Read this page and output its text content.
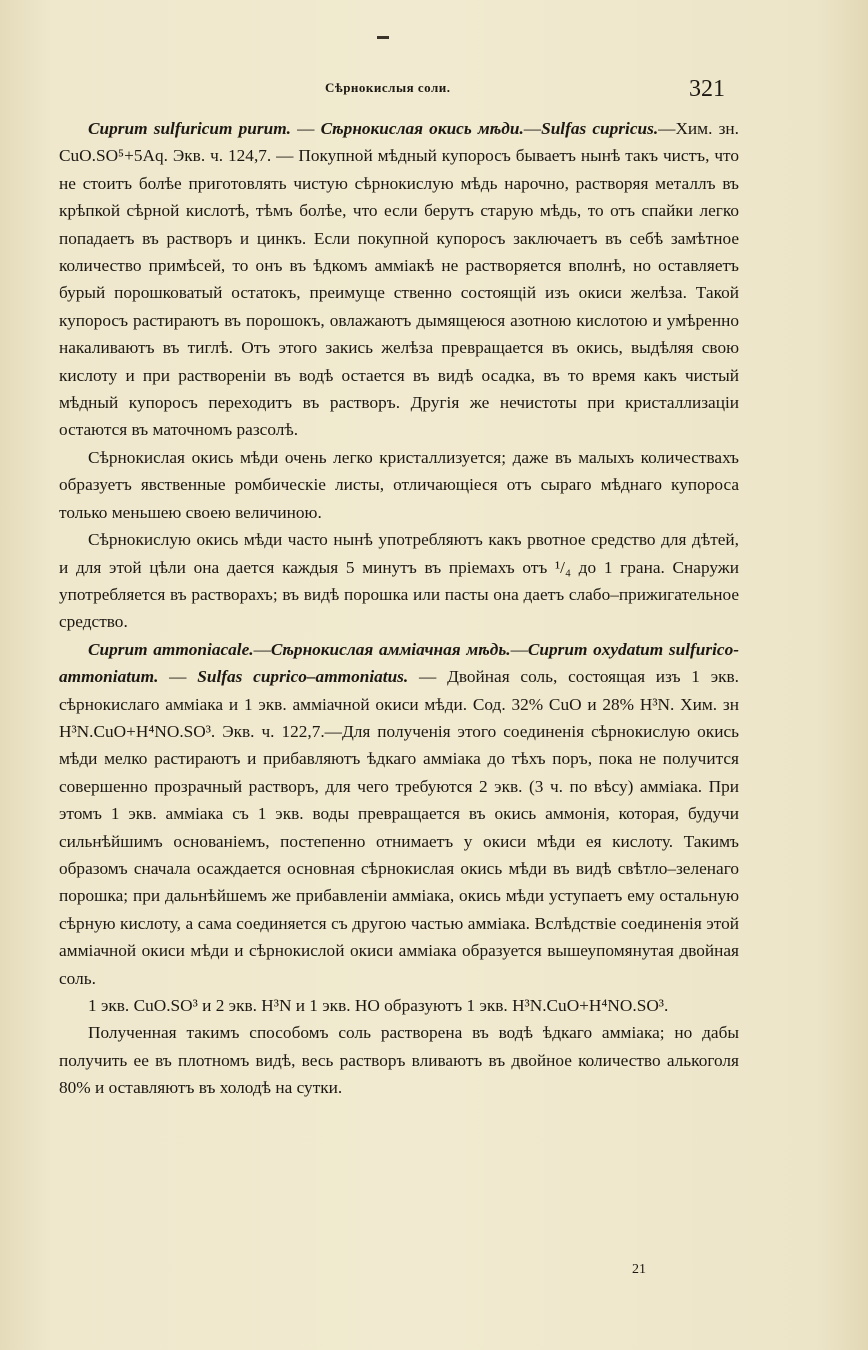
Сѣрнокислыя соли.	321

Cuprum sulfuricum purum. — Сѣрнокислая окись мѣди.—Sulfas cupricus.—Хим. зн. CuO.SO⁵+5Aq. Экв. ч. 124,7. — Покупной мѣдный купоросъ бываетъ нынѣ такъ чистъ, что не стоитъ болѣе приготовлять чистую сѣрнокислую мѣдь нарочно, растворяя металлъ въ крѣпкой сѣрной кислотѣ, тѣмъ болѣе, что если берутъ старую мѣдь, то отъ спайки легко попадаетъ въ растворъ и цинкъ. Если покупной купоросъ заключаетъ въ себѣ замѣтное количество примѣсей, то онъ въ ѣдкомъ амміакѣ не растворяется вполнѣ, но оставляетъ бурый порошковатый остатокъ, преимуще ственно состоящій изъ окиси желѣза. Такой купоросъ растираютъ въ порошокъ, овлажаютъ дымящеюся азотною кислотою и умѣренно накаливаютъ въ тиглѣ. Отъ этого закись желѣза превращается въ окись, выдѣляя свою кислоту и при раствореніи въ водѣ остается въ видѣ осадка, въ то время какъ чистый мѣдный купоросъ переходитъ въ растворъ. Другія же нечистоты при кристаллизаціи остаются въ маточномъ разсолѣ.

Сѣрнокислая окись мѣди очень легко кристаллизуется; даже въ малыхъ количествахъ образуетъ явственные ромбическіе листы, отличающіеся отъ сыраго мѣднаго купороса только меньшею своею величиною.

Сѣрнокислую окись мѣди часто нынѣ употребляютъ какъ рвотное средство для дѣтей, и для этой цѣли она дается каждыя 5 минутъ въ пріемахъ отъ ¹/₄ до 1 грана. Снаружи употребляется въ растворахъ; въ видѣ порошка или пасты она даетъ слабо–прижигательное средство.

Cuprum ammoniacale.—Сѣрнокислая амміачная мѣдь.—Cuprum oxydatum sulfurico-ammoniatum. — Sulfas cuprico–ammoniatus. — Двойная соль, состоящая изъ 1 экв. сѣрнокислаго амміака и 1 экв. амміачной окиси мѣди. Сод. 32% CuO и 28% H³N. Хим. зн H³N.CuO+H⁴NO.SO³. Экв. ч. 122,7.—Для полученія этого соединенія сѣрнокислую окись мѣди мелко растираютъ и прибавляютъ ѣдкаго амміака до тѣхъ поръ, пока не получится совершенно прозрачный растворъ, для чего требуются 2 экв. (3 ч. по вѣсу) амміака. При этомъ 1 экв. амміака съ 1 экв. воды превращается въ окись аммонія, которая, будучи сильнѣйшимъ основаніемъ, постепенно отнимаетъ у окиси мѣди ея кислоту. Такимъ образомъ сначала осаждается основная сѣрнокислая окись мѣди въ видѣ свѣтло–зеленаго порошка; при дальнѣйшемъ же прибавленіи амміака, окись мѣди уступаетъ ему остальную сѣрную кислоту, а сама соединяется съ другою частью амміака. Вслѣдствіе соединенія этой амміачной окиси мѣди и сѣрнокислой окиси амміака образуется вышеупомянутая двойная соль.

1 экв. CuO.SO³ и 2 экв. H³N и 1 экв. HO образуютъ 1 экв. H³N.CuO+H⁴NO.SO³.

Полученная такимъ способомъ соль растворена въ водѣ ѣдкаго амміака; но дабы получить ее въ плотномъ видѣ, весь растворъ вливаютъ въ двойное количество алькоголя 80% и оставляютъ въ холодѣ на сутки.

21
